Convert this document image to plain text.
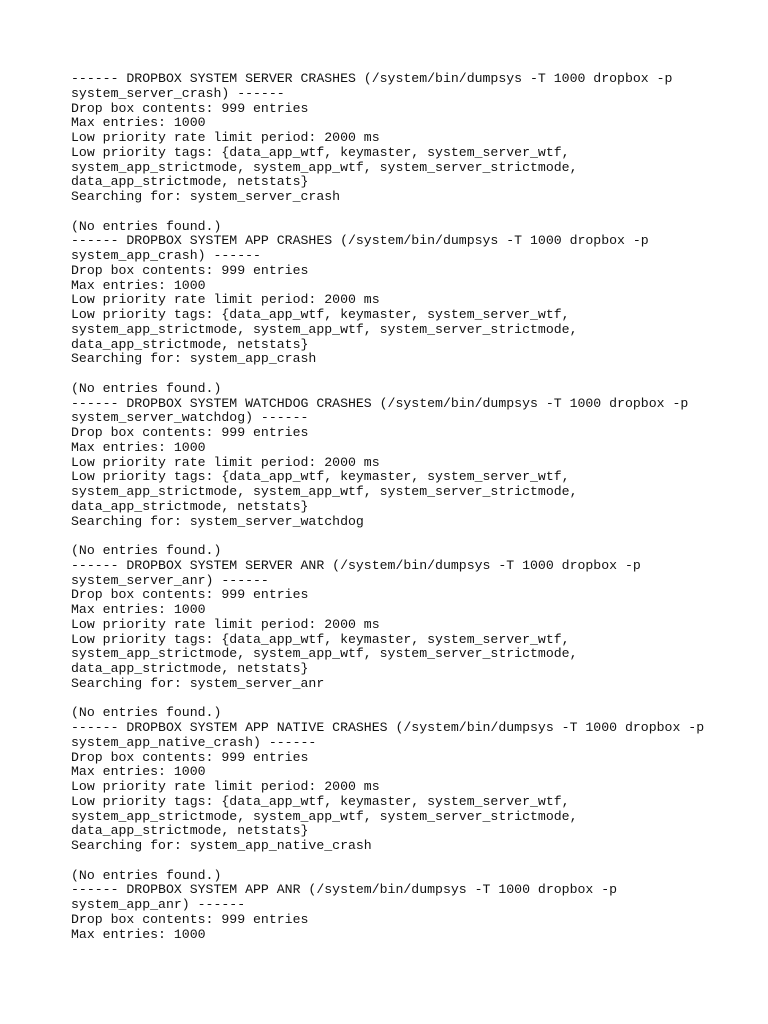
------ DROPBOX SYSTEM SERVER CRASHES (/system/bin/dumpsys -T 1000 dropbox -p
system_server_crash) ------
Drop box contents: 999 entries
Max entries: 1000
Low priority rate limit period: 2000 ms
Low priority tags: {data_app_wtf, keymaster, system_server_wtf,
system_app_strictmode, system_app_wtf, system_server_strictmode,
data_app_strictmode, netstats}
Searching for: system_server_crash
(No entries found.)
------ DROPBOX SYSTEM APP CRASHES (/system/bin/dumpsys -T 1000 dropbox -p
system_app_crash) ------
Drop box contents: 999 entries
Max entries: 1000
Low priority rate limit period: 2000 ms
Low priority tags: {data_app_wtf, keymaster, system_server_wtf,
system_app_strictmode, system_app_wtf, system_server_strictmode,
data_app_strictmode, netstats}
Searching for: system_app_crash
(No entries found.)
------ DROPBOX SYSTEM WATCHDOG CRASHES (/system/bin/dumpsys -T 1000 dropbox -p
system_server_watchdog) ------
Drop box contents: 999 entries
Max entries: 1000
Low priority rate limit period: 2000 ms
Low priority tags: {data_app_wtf, keymaster, system_server_wtf,
system_app_strictmode, system_app_wtf, system_server_strictmode,
data_app_strictmode, netstats}
Searching for: system_server_watchdog
(No entries found.)
------ DROPBOX SYSTEM SERVER ANR (/system/bin/dumpsys -T 1000 dropbox -p
system_server_anr) ------
Drop box contents: 999 entries
Max entries: 1000
Low priority rate limit period: 2000 ms
Low priority tags: {data_app_wtf, keymaster, system_server_wtf,
system_app_strictmode, system_app_wtf, system_server_strictmode,
data_app_strictmode, netstats}
Searching for: system_server_anr
(No entries found.)
------ DROPBOX SYSTEM APP NATIVE CRASHES (/system/bin/dumpsys -T 1000 dropbox -p
system_app_native_crash) ------
Drop box contents: 999 entries
Max entries: 1000
Low priority rate limit period: 2000 ms
Low priority tags: {data_app_wtf, keymaster, system_server_wtf,
system_app_strictmode, system_app_wtf, system_server_strictmode,
data_app_strictmode, netstats}
Searching for: system_app_native_crash
(No entries found.)
------ DROPBOX SYSTEM APP ANR (/system/bin/dumpsys -T 1000 dropbox -p
system_app_anr) ------
Drop box contents: 999 entries
Max entries: 1000
